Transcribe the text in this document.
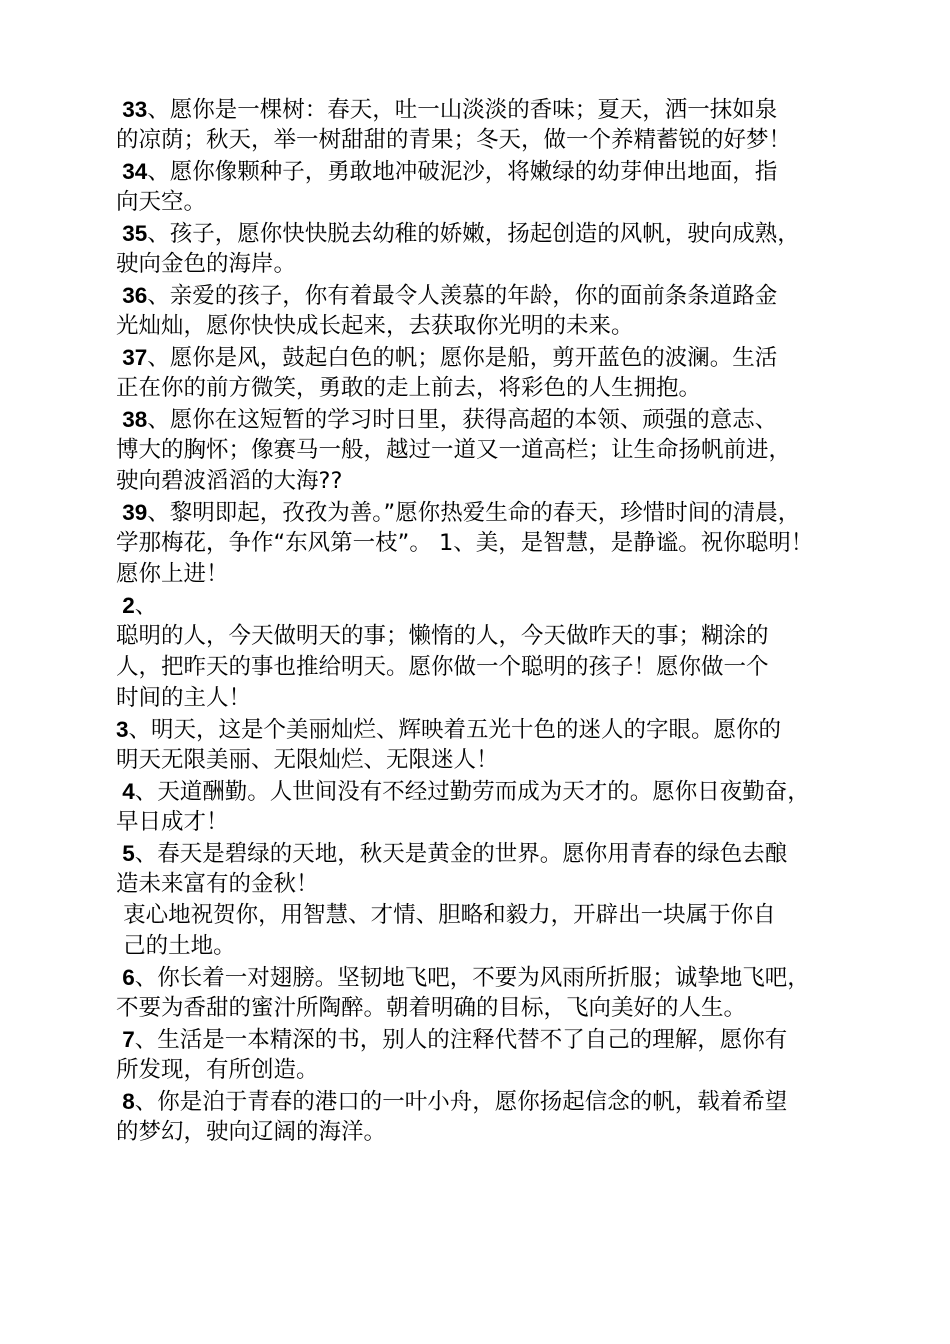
33、愿你是一棵树：春天，吐一山淡淡的香味；夏天，洒一抹如泉
的凉荫；秋天，举一树甜甜的青果；冬天，做一个养精蓄锐的好梦！
34、愿你像颗种子，勇敢地冲破泥沙，将嫩绿的幼芽伸出地面，指
向天空。
35、孩子，愿你快快脱去幼稚的娇嫩，扬起创造的风帆，驶向成熟，
驶向金色的海岸。
36、亲爱的孩子，你有着最令人羡慕的年龄，你的面前条条道路金
光灿灿，愿你快快成长起来，去获取你光明的未来。
37、愿你是风，鼓起白色的帆；愿你是船，剪开蓝色的波澜。生活
正在你的前方微笑，勇敢的走上前去，将彩色的人生拥抱。
38、愿你在这短暂的学习时日里，获得高超的本领、顽强的意志、
博大的胸怀；像赛马一般，越过一道又一道高栏；让生命扬帆前进，
驶向碧波滔滔的大海??
39、黎明即起，孜孜为善。”愿你热爱生命的春天，珍惜时间的清晨，
学那梅花，争作“东风第一枝”。 1、美，是智慧，是静谧。祝你聪明！
愿你上进！
2、
聪明的人，今天做明天的事；懒惰的人，今天做昨天的事；糊涂的
人，把昨天的事也推给明天。愿你做一个聪明的孩子！愿你做一个
时间的主人！
3、明天，这是个美丽灿烂、辉映着五光十色的迷人的字眼。愿你的
明天无限美丽、无限灿烂、无限迷人！
4、天道酬勤。人世间没有不经过勤劳而成为天才的。愿你日夜勤奋，
早日成才！
5、春天是碧绿的天地，秋天是黄金的世界。愿你用青春的绿色去酿
造未来富有的金秋！
衷心地祝贺你，用智慧、才情、胆略和毅力，开辟出一块属于你自
己的土地。
6、你长着一对翅膀。坚韧地飞吧，不要为风雨所折服；诚挚地飞吧，
不要为香甜的蜜汁所陶醉。朝着明确的目标，飞向美好的人生。
7、生活是一本精深的书，别人的注释代替不了自己的理解，愿你有
所发现，有所创造。
8、你是泊于青春的港口的一叶小舟，愿你扬起信念的帆，载着希望
的梦幻，驶向辽阔的海洋。
